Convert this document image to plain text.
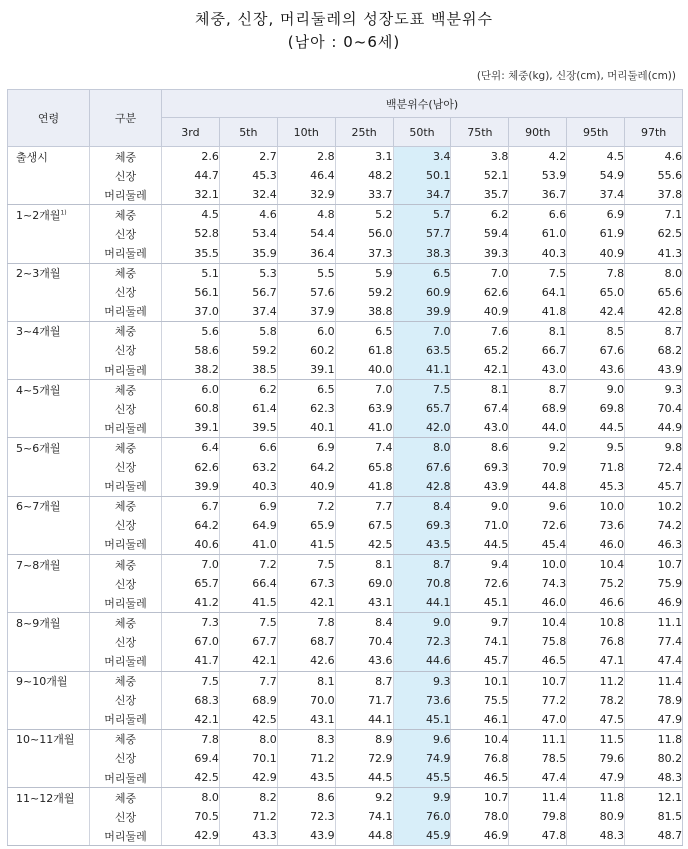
체중, 신장, 머리둘레의 성장도표 백분위수
(남아 : 0~6세)
(단위: 체중(kg), 신장(cm), 머리둘레(cm))
연령	구분	백분위수(남아)								
		3rd	5th	10th	25th	50th	75th	90th	95th	97th
출생시	체중	2.6	2.7	2.8	3.1	3.4	3.8	4.2	4.5	4.6
	신장	44.7	45.3	46.4	48.2	50.1	52.1	53.9	54.9	55.6
	머리둘레	32.1	32.4	32.9	33.7	34.7	35.7	36.7	37.4	37.8
1~2개월$^{1)}$	체중	4.5	4.6	4.8	5.2	5.7	6.2	6.6	6.9	7.1
	신장	52.8	53.4	54.4	56.0	57.7	59.4	61.0	61.9	62.5
	머리둘레	35.5	35.9	36.4	37.3	38.3	39.3	40.3	40.9	41.3
2~3개월	체중	5.1	5.3	5.5	5.9	6.5	7.0	7.5	7.8	8.0
	신장	56.1	56.7	57.6	59.2	60.9	62.6	64.1	65.0	65.6
	머리둘레	37.0	37.4	37.9	38.8	39.9	40.9	41.8	42.4	42.8
3~4개월	체중	5.6	5.8	6.0	6.5	7.0	7.6	8.1	8.5	8.7
	신장	58.6	59.2	60.2	61.8	63.5	65.2	66.7	67.6	68.2
	머리둘레	38.2	38.5	39.1	40.0	41.1	42.1	43.0	43.6	43.9
4~5개월	체중	6.0	6.2	6.5	7.0	7.5	8.1	8.7	9.0	9.3
	신장	60.8	61.4	62.3	63.9	65.7	67.4	68.9	69.8	70.4
	머리둘레	39.1	39.5	40.1	41.0	42.0	43.0	44.0	44.5	44.9
5~6개월	체중	6.4	6.6	6.9	7.4	8.0	8.6	9.2	9.5	9.8
	신장	62.6	63.2	64.2	65.8	67.6	69.3	70.9	71.8	72.4
	머리둘레	39.9	40.3	40.9	41.8	42.8	43.9	44.8	45.3	45.7
6~7개월	체중	6.7	6.9	7.2	7.7	8.4	9.0	9.6	10.0	10.2
	신장	64.2	64.9	65.9	67.5	69.3	71.0	72.6	73.6	74.2
	머리둘레	40.6	41.0	41.5	42.5	43.5	44.5	45.4	46.0	46.3
7~8개월	체중	7.0	7.2	7.5	8.1	8.7	9.4	10.0	10.4	10.7
	신장	65.7	66.4	67.3	69.0	70.8	72.6	74.3	75.2	75.9
	머리둘레	41.2	41.5	42.1	43.1	44.1	45.1	46.0	46.6	46.9
8~9개월	체중	7.3	7.5	7.8	8.4	9.0	9.7	10.4	10.8	11.1
	신장	67.0	67.7	68.7	70.4	72.3	74.1	75.8	76.8	77.4
	머리둘레	41.7	42.1	42.6	43.6	44.6	45.7	46.5	47.1	47.4
9~10개월	체중	7.5	7.7	8.1	8.7	9.3	10.1	10.7	11.2	11.4
	신장	68.3	68.9	70.0	71.7	73.6	75.5	77.2	78.2	78.9
	머리둘레	42.1	42.5	43.1	44.1	45.1	46.1	47.0	47.5	47.9
10~11개월	체중	7.8	8.0	8.3	8.9	9.6	10.4	11.1	11.5	11.8
	신장	69.4	70.1	71.2	72.9	74.9	76.8	78.5	79.6	80.2
	머리둘레	42.5	42.9	43.5	44.5	45.5	46.5	47.4	47.9	48.3
11~12개월	체중	8.0	8.2	8.6	9.2	9.9	10.7	11.4	11.8	12.1
	신장	70.5	71.2	72.3	74.1	76.0	78.0	79.8	80.9	81.5
	머리둘레	42.9	43.3	43.9	44.8	45.9	46.9	47.8	48.3	48.7
